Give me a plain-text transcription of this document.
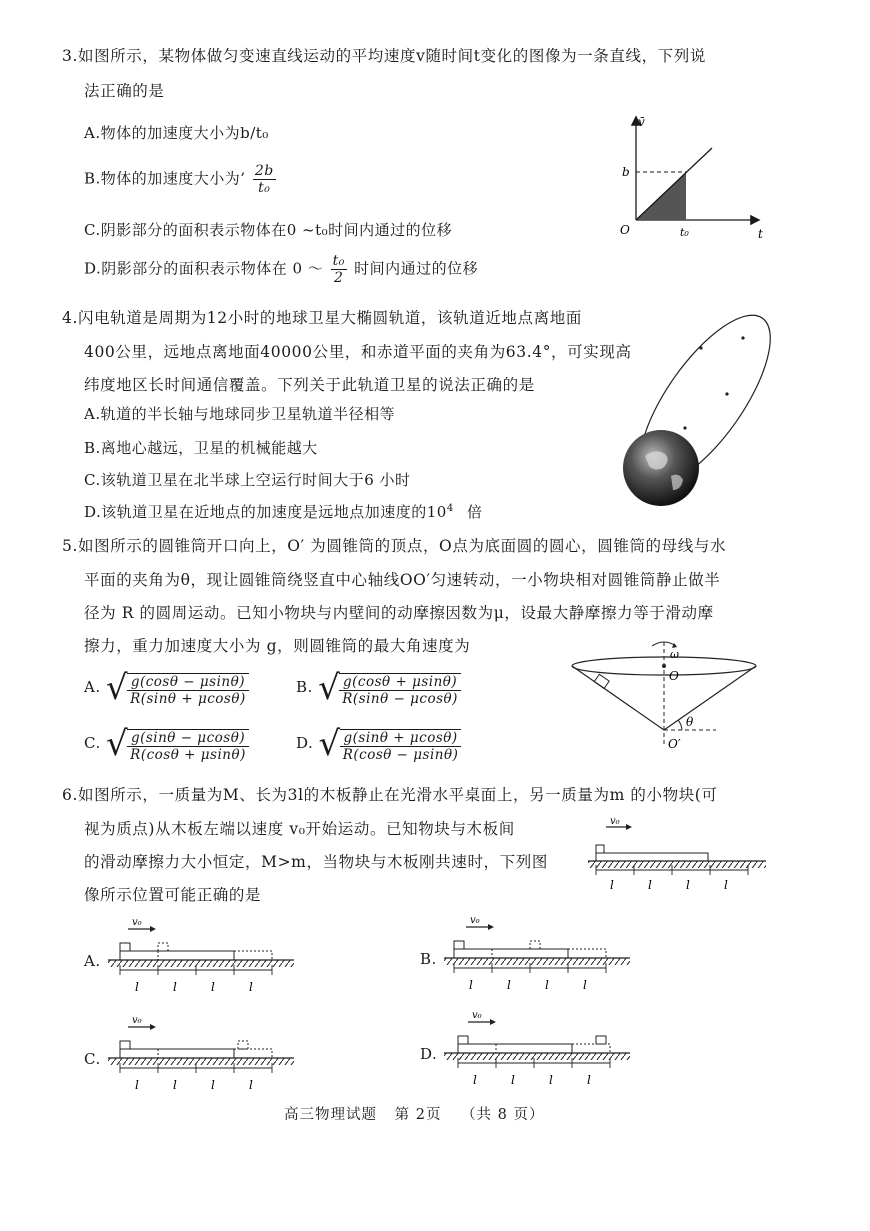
3.如图所示，某物体做匀变速直线运动的平均速度v随时间t变化的图像为一条直线，下列说
法正确的是
A.物体的加速度大小为b/t₀
B.物体的加速度大小为’ $\frac{2b}{\text{t₀}}$
C.阴影部分的面积表示物体在0 ~t₀时间内通过的位移
D.阴影部分的面积表示物体在 0 ～ $\frac{\text{t₀}}{2}$ 时间内通过的位移
v̄
t
O
b
t₀
4.闪电轨道是周期为12小时的地球卫星大椭圆轨道，该轨道近地点离地面
400公里，远地点离地面40000公里，和赤道平面的夹角为63.4°，可实现高
纬度地区长时间通信覆盖。下列关于此轨道卫星的说法正确的是
A.轨道的半长轴与地球同步卫星轨道半径相等
B.离地心越远，卫星的机械能越大
C.该轨道卫星在北半球上空运行时间大于6 小时
D.该轨道卫星在近地点的加速度是远地点加速度的$10^4$ 倍
5.如图所示的圆锥筒开口向上，O′ 为圆锥筒的顶点，O点为底面圆的圆心，圆锥筒的母线与水
平面的夹角为θ，现让圆锥筒绕竖直中心轴线OO′匀速转动，一小物块相对圆锥筒静止做半
径为 R 的圆周运动。已知小物块与内壁间的动摩擦因数为μ，设最大静摩擦力等于滑动摩
擦力，重力加速度大小为 g，则圆锥筒的最大角速度为
A. √ $\frac{g(\cos\theta - \mu\sin\theta)}{R(\sin\theta + \mu\cos\theta)}$	B. √ $\frac{g(\cos\theta + \mu\sin\theta)}{R(\sin\theta - \mu\cos\theta)}$
C. √ $\frac{g(\sin\theta - \mu\cos\theta)}{R(\cos\theta + \mu\sin\theta)}$	D. √ $\frac{g(\sin\theta + \mu\cos\theta)}{R(\cos\theta - \mu\sin\theta)}$
ω
O
O′
θ
6.如图所示，一质量为M、长为3l的木板静止在光滑水平桌面上，另一质量为m 的小物块(可
视为质点)从木板左端以速度 v₀开始运动。已知物块与木板间
的滑动摩擦力大小恒定，M>m，当物块与木板刚共速时，下列图
像所示位置可能正确的是
v₀
l	l	l	l
A.
v₀
l	l	l	l
B.
v₀
l	l	l	l
C.
v₀
l	l	l	l
D.
v₀
l	l	l	l
高三物理试题 第 2页 （共 8 页）
